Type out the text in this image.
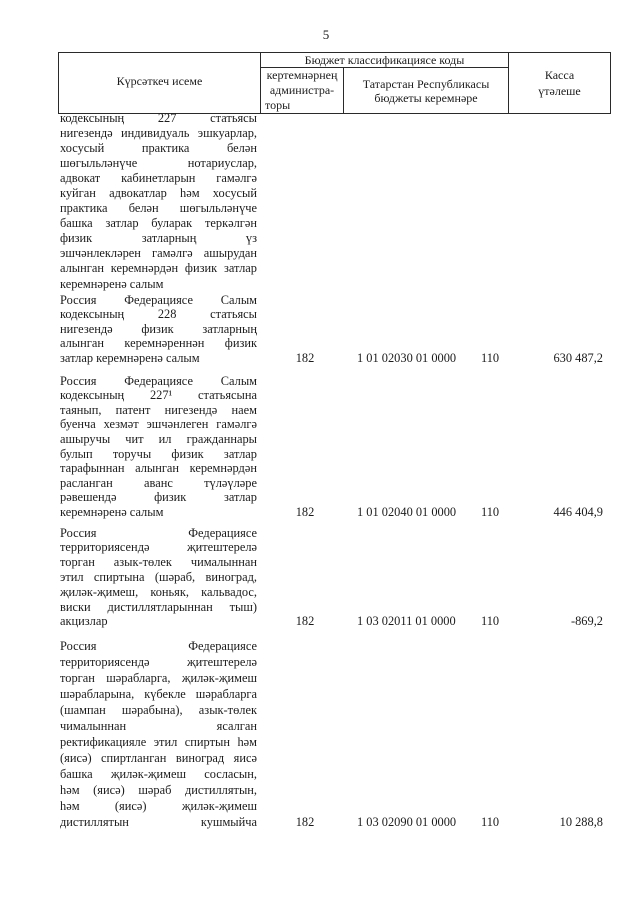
5
Күрсәткеч исеме
Бюджет классификациясе коды
кертемнәрнең
администра-
торы
Татарстан Республикасы
бюджеты керемнәре
Касса
үтәлеше
кодексының 227 статьясы
нигезендә индивидуаль эшкуарлар,
хосусый практика белән
шөгыльләнүче нотариуслар,
адвокат кабинетларын гамәлгә
куйган адвокатлар һәм хосусый
практика белән шөгыльләнүче
башка затлар буларак теркәлгән
физик затларның үз
эшчәнлекләрен гамәлгә ашырудан
алынган керемнәрдән физик затлар
керемнәренә салым
Россия Федерациясе Салым
кодексының 228 статьясы
нигезендә физик затларның
алынган керемнәреннән физик
затлар керемнәренә салым	182	1 01 02030 01 0000 110	630 487,2
Россия Федерациясе Салым
кодексының 227¹ статьясына
таянып, патент нигезендә наем
буенча хезмәт эшчәнлеген гамәлгә
ашыручы чит ил гражданнары
булып торучы физик затлар
тарафыннан алынган керемнәрдән
расланган аванс түләүләре
рәвешендә физик затлар
керемнәренә салым	182	1 01 02040 01 0000 110	446 404,9
Россия Федерациясе
территориясендә җитештерелә
торган азык-төлек чималыннан
этил спиртына (шәраб, виноград,
җиләк-җимеш, коньяк, кальвадос,
виски дистиллятларыннан тыш)
акцизлар	182	1 03 02011 01 0000 110	-869,2
Россия Федерациясе
территориясендә җитештерелә
торган шәрабларга, җиләк-җимеш
шәрабларына, күбекле шәрабларга
(шампан шәрабына), азык-төлек
чималыннан ясалган
ректификацияле этил спиртын һәм
(яисә) спиртланган виноград яисә
башка җиләк-җимеш сосласын,
һәм (яисә) шәраб дистиллятын,
һәм (яисә) җиләк-җимеш
дистиллятын кушмыйча	182	1 03 02090 01 0000 110	10 288,8
